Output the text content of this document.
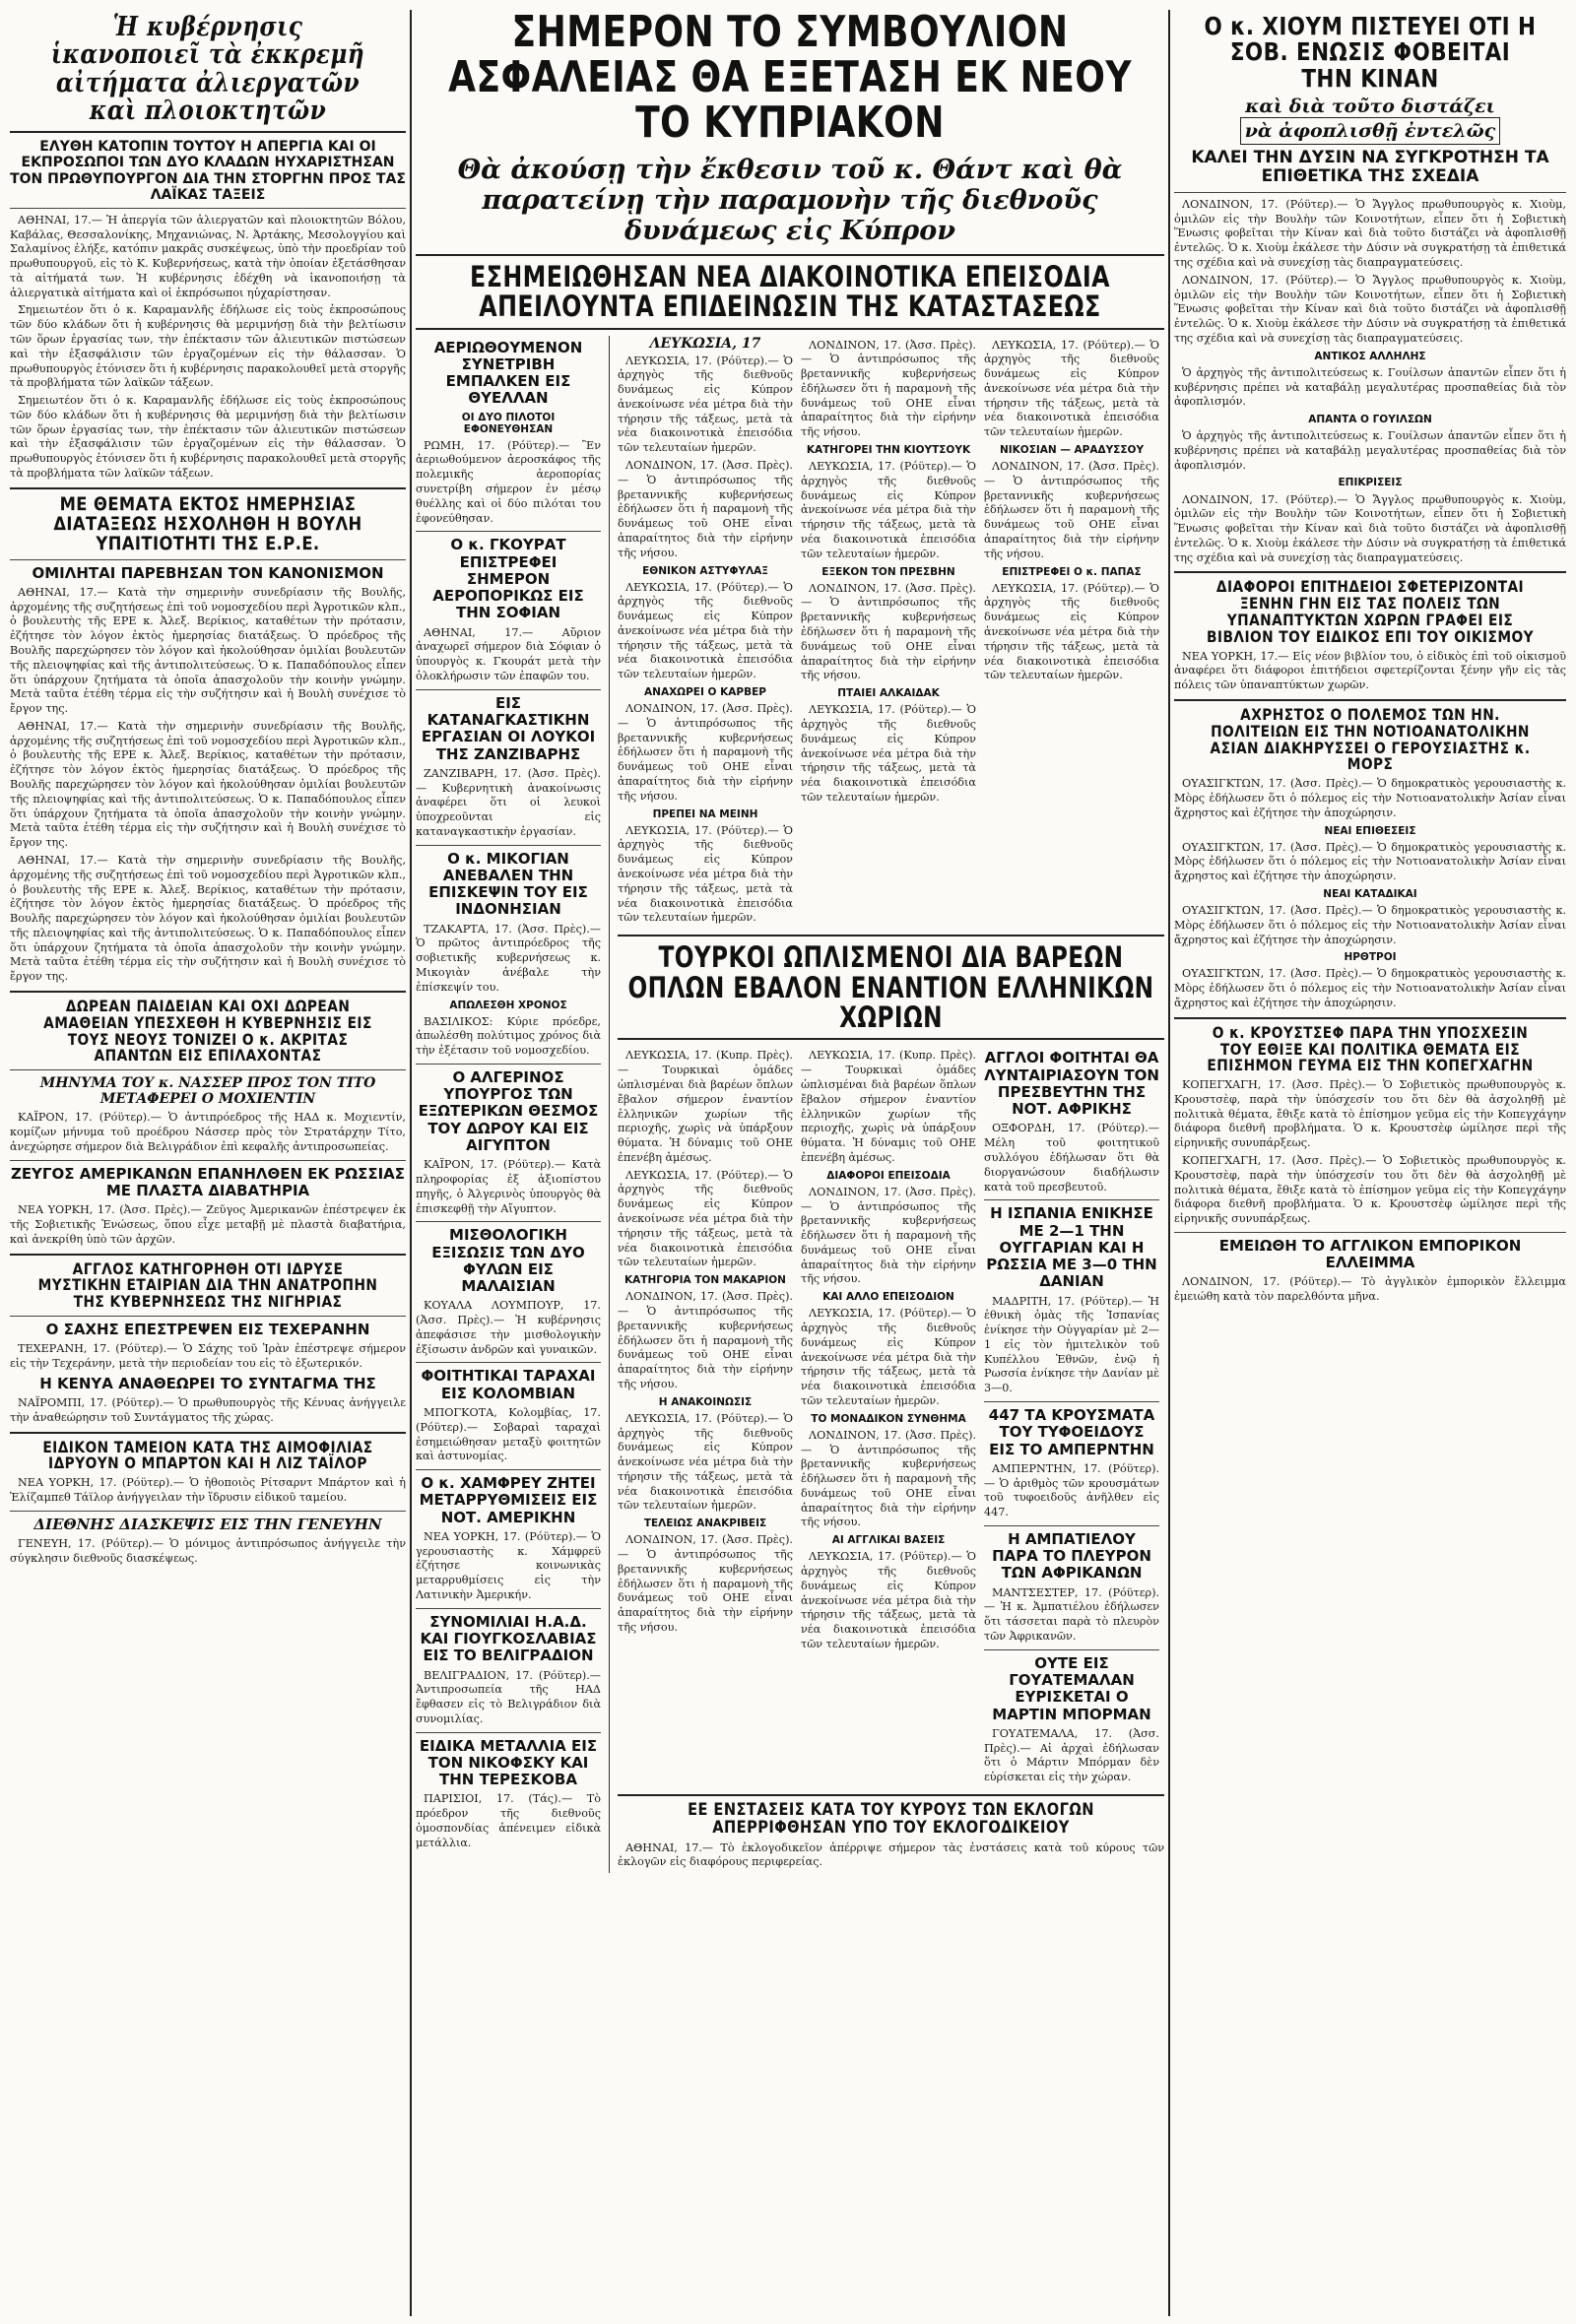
Ἡ κυβέρνησις ἱκανοποιεῖ τὰ ἐκκρεμῆ αἰτήματα ἀλιεργατῶν καὶ πλοιοκτητῶν
ΕΛΥΘΗ ΚΑΤΟΠΙΝ ΤΟΥΤΟΥ Η ΑΠΕΡΓΙΑ ΚΑΙ ΟΙ ΕΚΠΡΟΣΩΠΟΙ ΤΩΝ ΔΥΟ ΚΛΑΔΩΝ ΗΥΧΑΡΙΣΤΗΣΑΝ ΤΟΝ ΠΡΩΘΥΠΟΥΡΓΟΝ ΔΙΑ ΤΗΝ ΣΤΟΡΓΗΝ ΠΡΟΣ ΤΑΣ ΛΑΪΚΑΣ ΤΑΞΕΙΣ
ΑΘΗΝΑΙ, 17.— Ἡ ἀπεργία τῶν ἀλιεργατῶν καὶ πλοιοκτητῶν Βόλου, Καβάλας, Θεσσαλονίκης, Μηχανιώνας, Ν. Ἀρτάκης, Μεσολογγίου καὶ Σαλαμίνος ἐλήξε, κατόπιν μακρᾶς συσκέψεως, ὑπὸ τὴν προεδρίαν τοῦ πρωθυπουργοῦ, εἰς τὸ Κ. Κυβερνήσεως, κατὰ τὴν ὁποίαν ἐξετάσθησαν τὰ αἰτήματά των. Ἡ κυβέρνησις ἐδέχθη νὰ ἱκανοποιήσῃ τὰ ἀλιεργατικὰ αἰτήματα καὶ οἱ ἐκπρόσωποι ηὐχαρίστησαν.
Σημειωτέον ὅτι ὁ κ. Καραμανλῆς ἐδήλωσε εἰς τοὺς ἐκπροσώπους τῶν δύο κλάδων ὅτι ἡ κυβέρνησις θὰ μεριμνήσῃ διὰ τὴν βελτίωσιν τῶν ὅρων ἐργασίας των, τὴν ἐπέκτασιν τῶν ἀλιευτικῶν πιστώσεων καὶ τὴν ἐξασφάλισιν τῶν ἐργαζομένων εἰς τὴν θάλασσαν. Ὁ πρωθυπουργὸς ἐτόνισεν ὅτι ἡ κυβέρνησις παρακολουθεῖ μετὰ στοργῆς τὰ προβλήματα τῶν λαϊκῶν τάξεων.
Σημειωτέον ὅτι ὁ κ. Καραμανλῆς ἐδήλωσε εἰς τοὺς ἐκπροσώπους τῶν δύο κλάδων ὅτι ἡ κυβέρνησις θὰ μεριμνήσῃ διὰ τὴν βελτίωσιν τῶν ὅρων ἐργασίας των, τὴν ἐπέκτασιν τῶν ἀλιευτικῶν πιστώσεων καὶ τὴν ἐξασφάλισιν τῶν ἐργαζομένων εἰς τὴν θάλασσαν. Ὁ πρωθυπουργὸς ἐτόνισεν ὅτι ἡ κυβέρνησις παρακολουθεῖ μετὰ στοργῆς τὰ προβλήματα τῶν λαϊκῶν τάξεων.
ΜΕ ΘΕΜΑΤΑ ΕΚΤΟΣ ΗΜΕΡΗΣΙΑΣ ΔΙΑΤΑΞΕΩΣ ΗΣΧΟΛΗΘΗ Η ΒΟΥΛΗ ΥΠΑΙΤΙΟΤΗΤΙ ΤΗΣ Ε.Ρ.Ε.
ΟΜΙΛΗΤΑΙ ΠΑΡΕΒΗΣΑΝ ΤΟΝ ΚΑΝΟΝΙΣΜΟΝ
ΑΘΗΝΑΙ, 17.— Κατὰ τὴν σημερινὴν συνεδρίασιν τῆς Βουλῆς, ἀρχομένης τῆς συζητήσεως ἐπὶ τοῦ νομοσχεδίου περὶ Ἀγροτικῶν κλπ., ὁ βουλευτὴς τῆς ΕΡΕ κ. Ἀλεξ. Βερίκιος, καταθέτων τὴν πρότασιν, ἐζήτησε τὸν λόγον ἐκτὸς ἡμερησίας διατάξεως. Ὁ πρόεδρος τῆς Βουλῆς παρεχώρησεν τὸν λόγον καὶ ἠκολούθησαν ὁμιλίαι βουλευτῶν τῆς πλειοψηφίας καὶ τῆς ἀντιπολιτεύσεως. Ὁ κ. Παπαδόπουλος εἶπεν ὅτι ὑπάρχουν ζητήματα τὰ ὁποῖα ἀπασχολοῦν τὴν κοινὴν γνώμην. Μετὰ ταῦτα ἐτέθη τέρμα εἰς τὴν συζήτησιν καὶ ἡ Βουλὴ συνέχισε τὸ ἔργον της.
ΑΘΗΝΑΙ, 17.— Κατὰ τὴν σημερινὴν συνεδρίασιν τῆς Βουλῆς, ἀρχομένης τῆς συζητήσεως ἐπὶ τοῦ νομοσχεδίου περὶ Ἀγροτικῶν κλπ., ὁ βουλευτὴς τῆς ΕΡΕ κ. Ἀλεξ. Βερίκιος, καταθέτων τὴν πρότασιν, ἐζήτησε τὸν λόγον ἐκτὸς ἡμερησίας διατάξεως. Ὁ πρόεδρος τῆς Βουλῆς παρεχώρησεν τὸν λόγον καὶ ἠκολούθησαν ὁμιλίαι βουλευτῶν τῆς πλειοψηφίας καὶ τῆς ἀντιπολιτεύσεως. Ὁ κ. Παπαδόπουλος εἶπεν ὅτι ὑπάρχουν ζητήματα τὰ ὁποῖα ἀπασχολοῦν τὴν κοινὴν γνώμην. Μετὰ ταῦτα ἐτέθη τέρμα εἰς τὴν συζήτησιν καὶ ἡ Βουλὴ συνέχισε τὸ ἔργον της.
ΑΘΗΝΑΙ, 17.— Κατὰ τὴν σημερινὴν συνεδρίασιν τῆς Βουλῆς, ἀρχομένης τῆς συζητήσεως ἐπὶ τοῦ νομοσχεδίου περὶ Ἀγροτικῶν κλπ., ὁ βουλευτὴς τῆς ΕΡΕ κ. Ἀλεξ. Βερίκιος, καταθέτων τὴν πρότασιν, ἐζήτησε τὸν λόγον ἐκτὸς ἡμερησίας διατάξεως. Ὁ πρόεδρος τῆς Βουλῆς παρεχώρησεν τὸν λόγον καὶ ἠκολούθησαν ὁμιλίαι βουλευτῶν τῆς πλειοψηφίας καὶ τῆς ἀντιπολιτεύσεως. Ὁ κ. Παπαδόπουλος εἶπεν ὅτι ὑπάρχουν ζητήματα τὰ ὁποῖα ἀπασχολοῦν τὴν κοινὴν γνώμην. Μετὰ ταῦτα ἐτέθη τέρμα εἰς τὴν συζήτησιν καὶ ἡ Βουλὴ συνέχισε τὸ ἔργον της.
ΔΩΡΕΑΝ ΠΑΙΔΕΙΑΝ ΚΑΙ ΟΧΙ ΔΩΡΕΑΝ ΑΜΑΘΕΙΑΝ ΥΠΕΣΧΕΘΗ Η ΚΥΒΕΡΝΗΣΙΣ ΕΙΣ ΤΟΥΣ ΝΕΟΥΣ ΤΟΝΙΖΕΙ Ο κ. ΑΚΡΙΤΑΣ ΑΠΑΝΤΩΝ ΕΙΣ ΕΠΙΛΑΧΟΝΤΑΣ
ΜΗΝΥΜΑ ΤΟΥ κ. ΝΑΣΣΕΡ ΠΡΟΣ ΤΟΝ ΤΙΤΟ ΜΕΤΑΦΕΡΕΙ Ο ΜΟΧΙΕΝΤΙΝ
ΚΑΪΡΟΝ, 17. (Ρόϋτερ).— Ὁ ἀντιπρόεδρος τῆς ΗΑΔ κ. Μοχιεντίν, κομίζων μήνυμα τοῦ προέδρου Νάσσερ πρὸς τὸν Στρατάρχην Τίτο, ἀνεχώρησε σήμερον διὰ Βελιγράδιον ἐπὶ κεφαλῆς ἀντιπροσωπείας.
ΖΕΥΓΟΣ ΑΜΕΡΙΚΑΝΩΝ ΕΠΑΝΗΛΘΕΝ ΕΚ ΡΩΣΣΙΑΣ ΜΕ ΠΛΑΣΤΑ ΔΙΑΒΑΤΗΡΙΑ
ΝΕΑ ΥΟΡΚΗ, 17. (Ἀσσ. Πρὲς).— Ζεῦγος Ἀμερικανῶν ἐπέστρεψεν ἐκ τῆς Σοβιετικῆς Ἑνώσεως, ὅπου εἶχε μεταβῇ μὲ πλαστὰ διαβατήρια, καὶ ἀνεκρίθη ὑπὸ τῶν ἀρχῶν.
ΑΓΓΛΟΣ ΚΑΤΗΓΟΡΗΘΗ ΟΤΙ ΙΔΡΥΣΕ ΜΥΣΤΙΚΗΝ ΕΤΑΙΡΙΑΝ ΔΙΑ ΤΗΝ ΑΝΑΤΡΟΠΗΝ ΤΗΣ ΚΥΒΕΡΝΗΣΕΩΣ ΤΗΣ ΝΙΓΗΡΙΑΣ
Ο ΣΑΧΗΣ ΕΠΕΣΤΡΕΨΕΝ ΕΙΣ ΤΕΧΕΡΑΝΗΝ
ΤΕΧΕΡΑΝΗ, 17. (Ρόϋτερ).— Ὁ Σάχης τοῦ Ἰρὰν ἐπέστρεψε σήμερον εἰς τὴν Τεχεράνην, μετὰ τὴν περιοδείαν του εἰς τὸ ἐξωτερικόν.
Η ΚΕΝΥΑ ΑΝΑΘΕΩΡΕΙ ΤΟ ΣΥΝΤΑΓΜΑ ΤΗΣ
ΝΑΪΡΟΜΠΙ, 17. (Ρόϋτερ).— Ὁ πρωθυπουργὸς τῆς Κένυας ἀνήγγειλε τὴν ἀναθεώρησιν τοῦ Συντάγματος τῆς χώρας.
ΕΙΔΙΚΟΝ ΤΑΜΕΙΟΝ ΚΑΤΑ ΤΗΣ ΑΙΜΟΦΙΛΙΑΣ ΙΔΡΥΟΥΝ Ο ΜΠΑΡΤΟΝ ΚΑΙ Η ΛΙΖ ΤΑΪΛΟΡ
ΝΕΑ ΥΟΡΚΗ, 17. (Ρόϋτερ).— Ὁ ἠθοποιὸς Ρίτσαρντ Μπάρτον καὶ ἡ Ἐλίζαμπεθ Τάϊλορ ἀνήγγειλαν τὴν ἵδρυσιν εἰδικοῦ ταμείου.
ΔΙΕΘΝΗΣ ΔΙΑΣΚΕΨΙΣ ΕΙΣ ΤΗΝ ΓΕΝΕΥΗΝ
ΓΕΝΕΥΗ, 17. (Ρόϋτερ).— Ὁ μόνιμος ἀντιπρόσωπος ἀνήγγειλε τὴν σύγκλησιν διεθνοῦς διασκέψεως.
ΣΗΜΕΡΟΝ ΤΟ ΣΥΜΒΟΥΛΙΟΝ ΑΣΦΑΛΕΙΑΣ ΘΑ ΕΞΕΤΑΣΗ ΕΚ ΝΕΟΥ ΤΟ ΚΥΠΡΙΑΚΟΝ
Θὰ ἀκούσῃ τὴν ἔκθεσιν τοῦ κ. Θάντ καὶ θὰ παρατείνῃ τὴν παραμονὴν τῆς διεθνοῦς δυνάμεως εἰς Κύπρον
ΕΣΗΜΕΙΩΘΗΣΑΝ ΝΕΑ ΔΙΑΚΟΙΝΟΤΙΚΑ ΕΠΕΙΣΟΔΙΑ ΑΠΕΙΛΟΥΝΤΑ ΕΠΙΔΕΙΝΩΣΙΝ ΤΗΣ ΚΑΤΑΣΤΑΣΕΩΣ
ΑΕΡΙΩΘΟΥΜΕΝΟΝ ΣΥΝΕΤΡΙΒΗ ΕΜΠΑΛΚΕΝ ΕΙΣ ΘΥΕΛΛΑΝ
ΟΙ ΔΥΟ ΠΙΛΟΤΟΙ ΕΦΟΝΕΥΘΗΣΑΝ
ΡΩΜΗ, 17. (Ρόϋτερ).— Ἓν ἀεριωθούμενον ἀεροσκάφος τῆς πολεμικῆς ἀεροπορίας συνετρίβη σήμερον ἐν μέσῳ θυέλλης καὶ οἱ δύο πιλόται του ἐφονεύθησαν.
Ο κ. ΓΚΟΥΡΑΤ ΕΠΙΣΤΡΕΦΕΙ ΣΗΜΕΡΟΝ ΑΕΡΟΠΟΡΙΚΩΣ ΕΙΣ ΤΗΝ ΣΟΦΙΑΝ
ΑΘΗΝΑΙ, 17.— Αὔριον ἀναχωρεῖ σήμερον διὰ Σόφιαν ὁ ὑπουργὸς κ. Γκουράτ μετὰ τὴν ὁλοκλήρωσιν τῶν ἐπαφῶν του.
ΕΙΣ ΚΑΤΑΝΑΓΚΑΣΤΙΚΗΝ ΕΡΓΑΣΙΑΝ ΟΙ ΛΟΥΚΟΙ ΤΗΣ ΖΑΝΖΙΒΑΡΗΣ
ΖΑΝΖΙΒΑΡΗ, 17. (Ἀσσ. Πρὲς).— Κυβερνητικὴ ἀνακοίνωσις ἀναφέρει ὅτι οἱ λευκοὶ ὑποχρεοῦνται εἰς καταναγκαστικὴν ἐργασίαν.
Ο κ. ΜΙΚΟΓΙΑΝ ΑΝΕΒΑΛΕΝ ΤΗΝ ΕΠΙΣΚΕΨΙΝ ΤΟΥ ΕΙΣ ΙΝΔΟΝΗΣΙΑΝ
ΤΖΑΚΑΡΤΑ, 17. (Ἀσσ. Πρὲς).— Ὁ πρῶτος ἀντιπρόεδρος τῆς σοβιετικῆς κυβερνήσεως κ. Μικογιὰν ἀνέβαλε τὴν ἐπίσκεψίν του.
ΑΠΩΛΕΣΘΗ ΧΡΟΝΟΣ
ΒΑΣΙΛΙΚΟΣ: Κύριε πρόεδρε, ἀπωλέσθη πολύτιμος χρόνος διὰ τὴν ἐξέτασιν τοῦ νομοσχεδίου.
Ο ΑΛΓΕΡΙΝΟΣ ΥΠΟΥΡΓΟΣ ΤΩΝ ΕΞΩΤΕΡΙΚΩΝ ΘΕΣΜΟΣ ΤΟΥ ΔΩΡΟΥ ΚΑΙ ΕΙΣ ΑΙΓΥΠΤΟΝ
ΚΑΪΡΟΝ, 17. (Ρόϋτερ).— Κατὰ πληροφορίας ἐξ ἀξιοπίστου πηγῆς, ὁ Ἀλγερινὸς ὑπουργὸς θὰ ἐπισκεφθῇ τὴν Αἴγυπτον.
ΜΙΣΘΟΛΟΓΙΚΗ ΕΞΙΣΩΣΙΣ ΤΩΝ ΔΥΟ ΦΥΛΩΝ ΕΙΣ ΜΑΛΑΙΣΙΑΝ
ΚΟΥΑΛΑ ΛΟΥΜΠΟΥΡ, 17. (Ἀσσ. Πρὲς).— Ἡ κυβέρνησις ἀπεφάσισε τὴν μισθολογικὴν ἐξίσωσιν ἀνδρῶν καὶ γυναικῶν.
ΦΟΙΤΗΤΙΚΑΙ ΤΑΡΑΧΑΙ ΕΙΣ ΚΟΛΟΜΒΙΑΝ
ΜΠΟΓΚΟΤΑ, Κολομβίας, 17. (Ρόϋτερ).— Σοβαραὶ ταραχαὶ ἐσημειώθησαν μεταξὺ φοιτητῶν καὶ ἀστυνομίας.
Ο κ. ΧΑΜΦΡΕΥ ΖΗΤΕΙ ΜΕΤΑΡΡΥΘΜΙΣΕΙΣ ΕΙΣ ΝΟΤ. ΑΜΕΡΙΚΗΝ
ΝΕΑ ΥΟΡΚΗ, 17. (Ρόϋτερ).— Ὁ γερουσιαστὴς κ. Χάμφρεϋ ἐζήτησε κοινωνικὰς μεταρρυθμίσεις εἰς τὴν Λατινικὴν Ἀμερικήν.
ΣΥΝΟΜΙΛΙΑΙ Η.Α.Δ. ΚΑΙ ΓΙΟΥΓΚΟΣΛΑΒΙΑΣ ΕΙΣ ΤΟ ΒΕΛΙΓΡΑΔΙΟΝ
ΒΕΛΙΓΡΑΔΙΟΝ, 17. (Ρόϋτερ).— Ἀντιπροσωπεία τῆς ΗΑΔ ἔφθασεν εἰς τὸ Βελιγράδιον διὰ συνομιλίας.
ΕΙΔΙΚΑ ΜΕΤΑΛΛΙΑ ΕΙΣ ΤΟΝ ΝΙΚΟΦΣΚΥ ΚΑΙ ΤΗΝ ΤΕΡΕΣΚΟΒΑ
ΠΑΡΙΣΙΟΙ, 17. (Τάς).— Τὸ πρόεδρον τῆς διεθνοῦς ὀμοσπονδίας ἀπένειμεν εἰδικὰ μετάλλια.
ΛΕΥΚΩΣΙΑ, 17
ΛΕΥΚΩΣΙΑ, 17. (Ρόϋτερ).— Ὁ ἀρχηγὸς τῆς διεθνοῦς δυνάμεως εἰς Κύπρον ἀνεκοίνωσε νέα μέτρα διὰ τὴν τήρησιν τῆς τάξεως, μετὰ τὰ νέα διακοινοτικὰ ἐπεισόδια τῶν τελευταίων ἡμερῶν.
ΛΟΝΔΙΝΟΝ, 17. (Ἀσσ. Πρὲς).— Ὁ ἀντιπρόσωπος τῆς βρεταννικῆς κυβερνήσεως ἐδήλωσεν ὅτι ἡ παραμονὴ τῆς δυνάμεως τοῦ ΟΗΕ εἶναι ἀπαραίτητος διὰ τὴν εἰρήνην τῆς νήσου.
ΕΘΝΙΚΟΝ ΑΣΤΥΦΥΛΑΞ
ΛΕΥΚΩΣΙΑ, 17. (Ρόϋτερ).— Ὁ ἀρχηγὸς τῆς διεθνοῦς δυνάμεως εἰς Κύπρον ἀνεκοίνωσε νέα μέτρα διὰ τὴν τήρησιν τῆς τάξεως, μετὰ τὰ νέα διακοινοτικὰ ἐπεισόδια τῶν τελευταίων ἡμερῶν.
ΑΝΑΧΩΡΕΙ Ο ΚΑΡΒΕΡ
ΛΟΝΔΙΝΟΝ, 17. (Ἀσσ. Πρὲς).— Ὁ ἀντιπρόσωπος τῆς βρεταννικῆς κυβερνήσεως ἐδήλωσεν ὅτι ἡ παραμονὴ τῆς δυνάμεως τοῦ ΟΗΕ εἶναι ἀπαραίτητος διὰ τὴν εἰρήνην τῆς νήσου.
ΠΡΕΠΕΙ ΝΑ ΜΕΙΝΗ
ΛΕΥΚΩΣΙΑ, 17. (Ρόϋτερ).— Ὁ ἀρχηγὸς τῆς διεθνοῦς δυνάμεως εἰς Κύπρον ἀνεκοίνωσε νέα μέτρα διὰ τὴν τήρησιν τῆς τάξεως, μετὰ τὰ νέα διακοινοτικὰ ἐπεισόδια τῶν τελευταίων ἡμερῶν.
ΛΟΝΔΙΝΟΝ, 17. (Ἀσσ. Πρὲς).— Ὁ ἀντιπρόσωπος τῆς βρεταννικῆς κυβερνήσεως ἐδήλωσεν ὅτι ἡ παραμονὴ τῆς δυνάμεως τοῦ ΟΗΕ εἶναι ἀπαραίτητος διὰ τὴν εἰρήνην τῆς νήσου.
ΚΑΤΗΓΟΡΕΙ ΤΗΝ ΚΙΟΥΤΣΟΥΚ
ΛΕΥΚΩΣΙΑ, 17. (Ρόϋτερ).— Ὁ ἀρχηγὸς τῆς διεθνοῦς δυνάμεως εἰς Κύπρον ἀνεκοίνωσε νέα μέτρα διὰ τὴν τήρησιν τῆς τάξεως, μετὰ τὰ νέα διακοινοτικὰ ἐπεισόδια τῶν τελευταίων ἡμερῶν.
ΕΞΕΚΟΝ ΤΟΝ ΠΡΕΣΒΗΝ
ΛΟΝΔΙΝΟΝ, 17. (Ἀσσ. Πρὲς).— Ὁ ἀντιπρόσωπος τῆς βρεταννικῆς κυβερνήσεως ἐδήλωσεν ὅτι ἡ παραμονὴ τῆς δυνάμεως τοῦ ΟΗΕ εἶναι ἀπαραίτητος διὰ τὴν εἰρήνην τῆς νήσου.
ΠΤΑΙΕΙ ΑΛΚΑΙΔΑΚ
ΛΕΥΚΩΣΙΑ, 17. (Ρόϋτερ).— Ὁ ἀρχηγὸς τῆς διεθνοῦς δυνάμεως εἰς Κύπρον ἀνεκοίνωσε νέα μέτρα διὰ τὴν τήρησιν τῆς τάξεως, μετὰ τὰ νέα διακοινοτικὰ ἐπεισόδια τῶν τελευταίων ἡμερῶν.
ΛΕΥΚΩΣΙΑ, 17. (Ρόϋτερ).— Ὁ ἀρχηγὸς τῆς διεθνοῦς δυνάμεως εἰς Κύπρον ἀνεκοίνωσε νέα μέτρα διὰ τὴν τήρησιν τῆς τάξεως, μετὰ τὰ νέα διακοινοτικὰ ἐπεισόδια τῶν τελευταίων ἡμερῶν.
ΝΙΚΟΣΙΑΝ — ΑΡΑΔΥΣΣΟΥ
ΛΟΝΔΙΝΟΝ, 17. (Ἀσσ. Πρὲς).— Ὁ ἀντιπρόσωπος τῆς βρεταννικῆς κυβερνήσεως ἐδήλωσεν ὅτι ἡ παραμονὴ τῆς δυνάμεως τοῦ ΟΗΕ εἶναι ἀπαραίτητος διὰ τὴν εἰρήνην τῆς νήσου.
ΕΠΙΣΤΡΕΦΕΙ Ο κ. ΠΑΠΑΣ
ΛΕΥΚΩΣΙΑ, 17. (Ρόϋτερ).— Ὁ ἀρχηγὸς τῆς διεθνοῦς δυνάμεως εἰς Κύπρον ἀνεκοίνωσε νέα μέτρα διὰ τὴν τήρησιν τῆς τάξεως, μετὰ τὰ νέα διακοινοτικὰ ἐπεισόδια τῶν τελευταίων ἡμερῶν.
ΤΟΥΡΚΟΙ ΩΠΛΙΣΜΕΝΟΙ ΔΙΑ ΒΑΡΕΩΝ ΟΠΛΩΝ ΕΒΑΛΟΝ ΕΝΑΝΤΙΟΝ ΕΛΛΗΝΙΚΩΝ ΧΩΡΙΩΝ
ΛΕΥΚΩΣΙΑ, 17. (Κυπρ. Πρὲς).— Τουρκικαὶ ὁμάδες ὡπλισμέναι διὰ βαρέων ὅπλων ἔβαλον σήμερον ἐναντίον ἑλληνικῶν χωρίων τῆς περιοχῆς, χωρὶς νὰ ὑπάρξουν θύματα. Ἡ δύναμις τοῦ ΟΗΕ ἐπενέβη ἀμέσως.
ΛΕΥΚΩΣΙΑ, 17. (Ρόϋτερ).— Ὁ ἀρχηγὸς τῆς διεθνοῦς δυνάμεως εἰς Κύπρον ἀνεκοίνωσε νέα μέτρα διὰ τὴν τήρησιν τῆς τάξεως, μετὰ τὰ νέα διακοινοτικὰ ἐπεισόδια τῶν τελευταίων ἡμερῶν.
ΚΑΤΗΓΟΡΙΑ ΤΟΝ ΜΑΚΑΡΙΟΝ
ΛΟΝΔΙΝΟΝ, 17. (Ἀσσ. Πρὲς).— Ὁ ἀντιπρόσωπος τῆς βρεταννικῆς κυβερνήσεως ἐδήλωσεν ὅτι ἡ παραμονὴ τῆς δυνάμεως τοῦ ΟΗΕ εἶναι ἀπαραίτητος διὰ τὴν εἰρήνην τῆς νήσου.
Η ΑΝΑΚΟΙΝΩΣΙΣ
ΛΕΥΚΩΣΙΑ, 17. (Ρόϋτερ).— Ὁ ἀρχηγὸς τῆς διεθνοῦς δυνάμεως εἰς Κύπρον ἀνεκοίνωσε νέα μέτρα διὰ τὴν τήρησιν τῆς τάξεως, μετὰ τὰ νέα διακοινοτικὰ ἐπεισόδια τῶν τελευταίων ἡμερῶν.
ΤΕΛΕΙΩΣ ΑΝΑΚΡΙΒΕΙΣ
ΛΟΝΔΙΝΟΝ, 17. (Ἀσσ. Πρὲς).— Ὁ ἀντιπρόσωπος τῆς βρεταννικῆς κυβερνήσεως ἐδήλωσεν ὅτι ἡ παραμονὴ τῆς δυνάμεως τοῦ ΟΗΕ εἶναι ἀπαραίτητος διὰ τὴν εἰρήνην τῆς νήσου.
ΛΕΥΚΩΣΙΑ, 17. (Κυπρ. Πρὲς).— Τουρκικαὶ ὁμάδες ὡπλισμέναι διὰ βαρέων ὅπλων ἔβαλον σήμερον ἐναντίον ἑλληνικῶν χωρίων τῆς περιοχῆς, χωρὶς νὰ ὑπάρξουν θύματα. Ἡ δύναμις τοῦ ΟΗΕ ἐπενέβη ἀμέσως.
ΔΙΑΦΟΡΟΙ ΕΠΕΙΣΟΔΙΑ
ΛΟΝΔΙΝΟΝ, 17. (Ἀσσ. Πρὲς).— Ὁ ἀντιπρόσωπος τῆς βρεταννικῆς κυβερνήσεως ἐδήλωσεν ὅτι ἡ παραμονὴ τῆς δυνάμεως τοῦ ΟΗΕ εἶναι ἀπαραίτητος διὰ τὴν εἰρήνην τῆς νήσου.
ΚΑΙ ΑΛΛΟ ΕΠΕΙΣΟΔΙΟΝ
ΛΕΥΚΩΣΙΑ, 17. (Ρόϋτερ).— Ὁ ἀρχηγὸς τῆς διεθνοῦς δυνάμεως εἰς Κύπρον ἀνεκοίνωσε νέα μέτρα διὰ τὴν τήρησιν τῆς τάξεως, μετὰ τὰ νέα διακοινοτικὰ ἐπεισόδια τῶν τελευταίων ἡμερῶν.
ΤΟ ΜΟΝΑΔΙΚΟΝ ΣΥΝΘΗΜΑ
ΛΟΝΔΙΝΟΝ, 17. (Ἀσσ. Πρὲς).— Ὁ ἀντιπρόσωπος τῆς βρεταννικῆς κυβερνήσεως ἐδήλωσεν ὅτι ἡ παραμονὴ τῆς δυνάμεως τοῦ ΟΗΕ εἶναι ἀπαραίτητος διὰ τὴν εἰρήνην τῆς νήσου.
ΑΙ ΑΓΓΛΙΚΑΙ ΒΑΣΕΙΣ
ΛΕΥΚΩΣΙΑ, 17. (Ρόϋτερ).— Ὁ ἀρχηγὸς τῆς διεθνοῦς δυνάμεως εἰς Κύπρον ἀνεκοίνωσε νέα μέτρα διὰ τὴν τήρησιν τῆς τάξεως, μετὰ τὰ νέα διακοινοτικὰ ἐπεισόδια τῶν τελευταίων ἡμερῶν.
ΑΓΓΛΟΙ ΦΟΙΤΗΤΑΙ ΘΑ ΛΥΝΤΑΙΡΙΑΣΟΥΝ ΤΟΝ ΠΡΕΣΒΕΥΤΗΝ ΤΗΣ ΝΟΤ. ΑΦΡΙΚΗΣ
ΟΞΦΟΡΔΗ, 17. (Ρόϋτερ).— Μέλη τοῦ φοιτητικοῦ συλλόγου ἐδήλωσαν ὅτι θὰ διοργανώσουν διαδήλωσιν κατὰ τοῦ πρεσβευτοῦ.
Η ΙΣΠΑΝΙΑ ΕΝΙΚΗΣΕ ΜΕ 2—1 ΤΗΝ ΟΥΓΓΑΡΙΑΝ ΚΑΙ Η ΡΩΣΣΙΑ ΜΕ 3—0 ΤΗΝ ΔΑΝΙΑΝ
ΜΑΔΡΙΤΗ, 17. (Ρόϋτερ).— Ἡ ἐθνικὴ ὁμὰς τῆς Ἰσπανίας ἐνίκησε τὴν Οὐγγαρίαν μὲ 2—1 εἰς τὸν ἡμιτελικὸν τοῦ Κυπέλλου Ἐθνῶν, ἐνῷ ἡ Ρωσσία ἐνίκησε τὴν Δανίαν μὲ 3—0.
447 ΤΑ ΚΡΟΥΣΜΑΤΑ ΤΟΥ ΤΥΦΟΕΙΔΟΥΣ ΕΙΣ ΤΟ ΑΜΠΕΡΝΤΗΝ
ΑΜΠΕΡΝΤΗΝ, 17. (Ρόϋτερ).— Ὁ ἀριθμὸς τῶν κρουσμάτων τοῦ τυφοειδοῦς ἀνῆλθεν εἰς 447.
Η ΑΜΠΑΤΙΕΛΟΥ ΠΑΡΑ ΤΟ ΠΛΕΥΡΟΝ ΤΩΝ ΑΦΡΙΚΑΝΩΝ
ΜΑΝΤΣΕΣΤΕΡ, 17. (Ρόϋτερ).— Ἡ κ. Ἀμπατιέλου ἐδήλωσεν ὅτι τάσσεται παρὰ τὸ πλευρὸν τῶν Ἀφρικανῶν.
ΟΥΤΕ ΕΙΣ ΓΟΥΑΤΕΜΑΛΑΝ ΕΥΡΙΣΚΕΤΑΙ Ο ΜΑΡΤΙΝ ΜΠΟΡΜΑΝ
ΓΟΥΑΤΕΜΑΛΑ, 17. (Ἀσσ. Πρὲς).— Αἱ ἀρχαὶ ἐδήλωσαν ὅτι ὁ Μάρτιν Μπόρμαν δὲν εὑρίσκεται εἰς τὴν χώραν.
ΕΕ ΕΝΣΤΑΣΕΙΣ ΚΑΤΑ ΤΟΥ ΚΥΡΟΥΣ ΤΩΝ ΕΚΛΟΓΩΝ ΑΠΕΡΡΙΦΘΗΣΑΝ ΥΠΟ ΤΟΥ ΕΚΛΟΓΟΔΙΚΕΙΟΥ
ΑΘΗΝΑΙ, 17.— Τὸ ἐκλογοδικεῖον ἀπέρριψε σήμερον τὰς ἐνστάσεις κατὰ τοῦ κύρους τῶν ἐκλογῶν εἰς διαφόρους περιφερείας.
Ο κ. ΧΙΟΥΜ ΠΙΣΤΕΥΕΙ ΟΤΙ Η ΣΟΒ. ΕΝΩΣΙΣ ΦΟΒΕΙΤΑΙ ΤΗΝ ΚΙΝΑΝ
καὶ διὰ τοῦτο διστάζει
νὰ ἀφοπλισθῇ ἐντελῶς
ΚΑΛΕΙ ΤΗΝ ΔΥΣΙΝ ΝΑ ΣΥΓΚΡΟΤΗΣΗ ΤΑ ΕΠΙΘΕΤΙΚΑ ΤΗΣ ΣΧΕΔΙΑ
ΛΟΝΔΙΝΟΝ, 17. (Ρόϋτερ).— Ὁ Ἄγγλος πρωθυπουργὸς κ. Χιοὺμ, ὁμιλῶν εἰς τὴν Βουλὴν τῶν Κοινοτήτων, εἶπεν ὅτι ἡ Σοβιετικὴ Ἕνωσις φοβεῖται τὴν Κίναν καὶ διὰ τοῦτο διστάζει νὰ ἀφοπλισθῇ ἐντελῶς. Ὁ κ. Χιοὺμ ἐκάλεσε τὴν Δύσιν νὰ συγκρατήσῃ τὰ ἐπιθετικά της σχέδια καὶ νὰ συνεχίσῃ τὰς διαπραγματεύσεις.
ΛΟΝΔΙΝΟΝ, 17. (Ρόϋτερ).— Ὁ Ἄγγλος πρωθυπουργὸς κ. Χιοὺμ, ὁμιλῶν εἰς τὴν Βουλὴν τῶν Κοινοτήτων, εἶπεν ὅτι ἡ Σοβιετικὴ Ἕνωσις φοβεῖται τὴν Κίναν καὶ διὰ τοῦτο διστάζει νὰ ἀφοπλισθῇ ἐντελῶς. Ὁ κ. Χιοὺμ ἐκάλεσε τὴν Δύσιν νὰ συγκρατήσῃ τὰ ἐπιθετικά της σχέδια καὶ νὰ συνεχίσῃ τὰς διαπραγματεύσεις.
ΑΝΤΙΚΟΣ ΑΛΛΗΛΗΣ
Ὁ ἀρχηγὸς τῆς ἀντιπολιτεύσεως κ. Γουίλσων ἀπαντῶν εἶπεν ὅτι ἡ κυβέρνησις πρέπει νὰ καταβάλῃ μεγαλυτέρας προσπαθείας διὰ τὸν ἀφοπλισμόν.
ΑΠΑΝΤΑ Ο ΓΟΥΙΛΣΩΝ
Ὁ ἀρχηγὸς τῆς ἀντιπολιτεύσεως κ. Γουίλσων ἀπαντῶν εἶπεν ὅτι ἡ κυβέρνησις πρέπει νὰ καταβάλῃ μεγαλυτέρας προσπαθείας διὰ τὸν ἀφοπλισμόν.
ΕΠΙΚΡΙΣΕΙΣ
ΛΟΝΔΙΝΟΝ, 17. (Ρόϋτερ).— Ὁ Ἄγγλος πρωθυπουργὸς κ. Χιοὺμ, ὁμιλῶν εἰς τὴν Βουλὴν τῶν Κοινοτήτων, εἶπεν ὅτι ἡ Σοβιετικὴ Ἕνωσις φοβεῖται τὴν Κίναν καὶ διὰ τοῦτο διστάζει νὰ ἀφοπλισθῇ ἐντελῶς. Ὁ κ. Χιοὺμ ἐκάλεσε τὴν Δύσιν νὰ συγκρατήσῃ τὰ ἐπιθετικά της σχέδια καὶ νὰ συνεχίσῃ τὰς διαπραγματεύσεις.
ΔΙΑΦΟΡΟΙ ΕΠΙΤΗΔΕΙΟΙ ΣΦΕΤΕΡΙΖΟΝΤΑΙ ΞΕΝΗΝ ΓΗΝ ΕΙΣ ΤΑΣ ΠΟΛΕΙΣ ΤΩΝ ΥΠΑΝΑΠΤΥΚΤΩΝ ΧΩΡΩΝ ΓΡΑΦΕΙ ΕΙΣ ΒΙΒΛΙΟΝ ΤΟΥ ΕΙΔΙΚΟΣ ΕΠΙ ΤΟΥ ΟΙΚΙΣΜΟΥ
ΝΕΑ ΥΟΡΚΗ, 17.— Εἰς νέον βιβλίον του, ὁ εἰδικὸς ἐπὶ τοῦ οἰκισμοῦ ἀναφέρει ὅτι διάφοροι ἐπιτήδειοι σφετερίζονται ξένην γῆν εἰς τὰς πόλεις τῶν ὑπαναπτύκτων χωρῶν.
ΑΧΡΗΣΤΟΣ Ο ΠΟΛΕΜΟΣ ΤΩΝ ΗΝ. ΠΟΛΙΤΕΙΩΝ ΕΙΣ ΤΗΝ ΝΟΤΙΟΑΝΑΤΟΛΙΚΗΝ ΑΣΙΑΝ ΔΙΑΚΗΡΥΣΣΕΙ Ο ΓΕΡΟΥΣΙΑΣΤΗΣ κ. ΜΟΡΣ
ΟΥΑΣΙΓΚΤΩΝ, 17. (Ἀσσ. Πρὲς).— Ὁ δημοκρατικὸς γερουσιαστὴς κ. Μὸρς ἐδήλωσεν ὅτι ὁ πόλεμος εἰς τὴν Νοτιοανατολικὴν Ἀσίαν εἶναι ἄχρηστος καὶ ἐζήτησε τὴν ἀποχώρησιν.
ΝΕΑΙ ΕΠΙΘΕΣΕΙΣ
ΟΥΑΣΙΓΚΤΩΝ, 17. (Ἀσσ. Πρὲς).— Ὁ δημοκρατικὸς γερουσιαστὴς κ. Μὸρς ἐδήλωσεν ὅτι ὁ πόλεμος εἰς τὴν Νοτιοανατολικὴν Ἀσίαν εἶναι ἄχρηστος καὶ ἐζήτησε τὴν ἀποχώρησιν.
ΝΕΑΙ ΚΑΤΑΔΙΚΑΙ
ΟΥΑΣΙΓΚΤΩΝ, 17. (Ἀσσ. Πρὲς).— Ὁ δημοκρατικὸς γερουσιαστὴς κ. Μὸρς ἐδήλωσεν ὅτι ὁ πόλεμος εἰς τὴν Νοτιοανατολικὴν Ἀσίαν εἶναι ἄχρηστος καὶ ἐζήτησε τὴν ἀποχώρησιν.
ΗΡΘΤΡΟΙ
ΟΥΑΣΙΓΚΤΩΝ, 17. (Ἀσσ. Πρὲς).— Ὁ δημοκρατικὸς γερουσιαστὴς κ. Μὸρς ἐδήλωσεν ὅτι ὁ πόλεμος εἰς τὴν Νοτιοανατολικὴν Ἀσίαν εἶναι ἄχρηστος καὶ ἐζήτησε τὴν ἀποχώρησιν.
Ο κ. ΚΡΟΥΣΤΣΕΦ ΠΑΡΑ ΤΗΝ ΥΠΟΣΧΕΣΙΝ ΤΟΥ ΕΘΙΞΕ ΚΑΙ ΠΟΛΙΤΙΚΑ ΘΕΜΑΤΑ ΕΙΣ ΕΠΙΣΗΜΟΝ ΓΕΥΜΑ ΕΙΣ ΤΗΝ ΚΟΠΕΓΧΑΓΗΝ
ΚΟΠΕΓΧΑΓΗ, 17. (Ἀσσ. Πρὲς).— Ὁ Σοβιετικὸς πρωθυπουργὸς κ. Κρουστσὲφ, παρὰ τὴν ὑπόσχεσίν του ὅτι δὲν θὰ ἀσχοληθῇ μὲ πολιτικὰ θέματα, ἔθιξε κατὰ τὸ ἐπίσημον γεῦμα εἰς τὴν Κοπεγχάγην διάφορα διεθνῆ προβλήματα. Ὁ κ. Κρουστσὲφ ὡμίλησε περὶ τῆς εἰρηνικῆς συνυπάρξεως.
ΚΟΠΕΓΧΑΓΗ, 17. (Ἀσσ. Πρὲς).— Ὁ Σοβιετικὸς πρωθυπουργὸς κ. Κρουστσὲφ, παρὰ τὴν ὑπόσχεσίν του ὅτι δὲν θὰ ἀσχοληθῇ μὲ πολιτικὰ θέματα, ἔθιξε κατὰ τὸ ἐπίσημον γεῦμα εἰς τὴν Κοπεγχάγην διάφορα διεθνῆ προβλήματα. Ὁ κ. Κρουστσὲφ ὡμίλησε περὶ τῆς εἰρηνικῆς συνυπάρξεως.
ΕΜΕΙΩΘΗ ΤΟ ΑΓΓΛΙΚΟΝ ΕΜΠΟΡΙΚΟΝ ΕΛΛΕΙΜΜΑ
ΛΟΝΔΙΝΟΝ, 17. (Ρόϋτερ).— Τὸ ἀγγλικὸν ἐμπορικὸν ἔλλειμμα ἐμειώθη κατὰ τὸν παρελθόντα μῆνα.
